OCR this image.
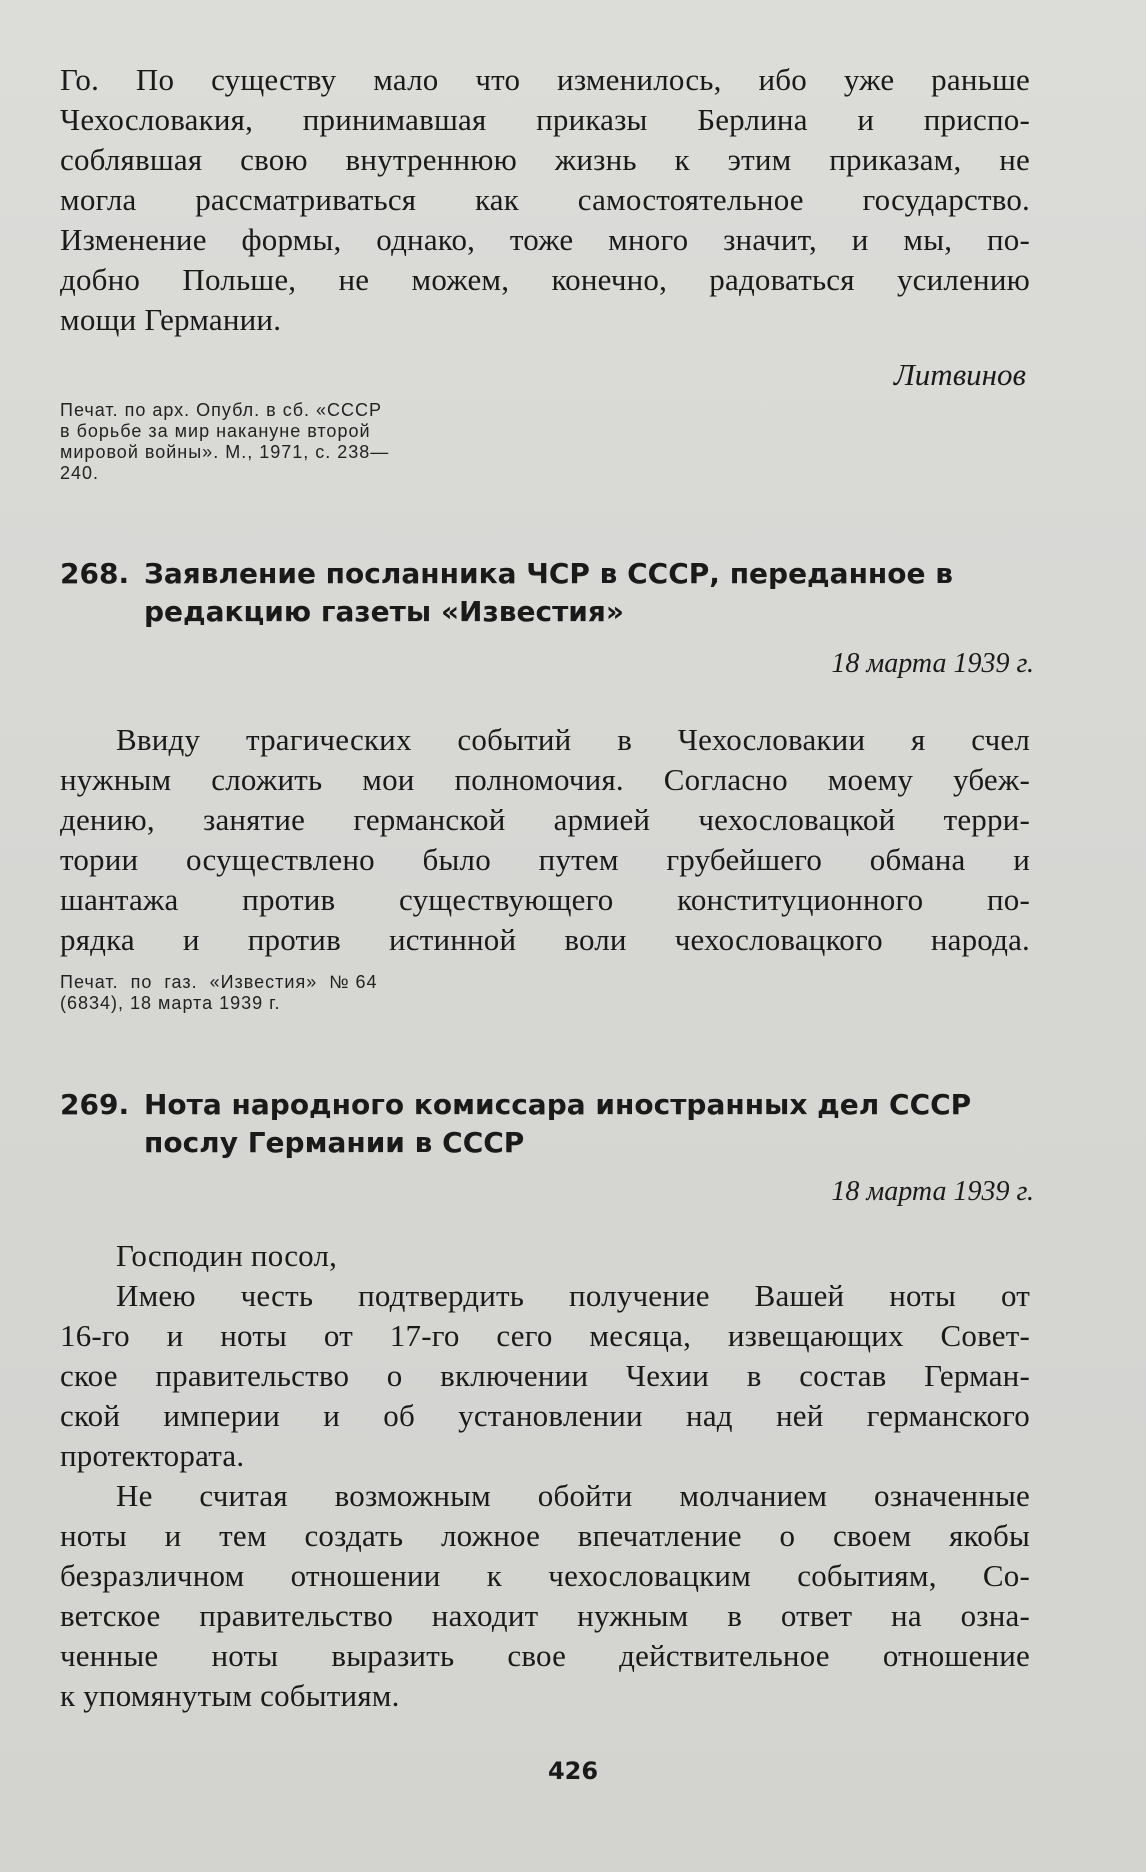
Го. По существу мало что изменилось, ибо уже раньше
Чехословакия, принимавшая приказы Берлина и приспо-
соблявшая свою внутреннюю жизнь к этим приказам, не
могла рассматриваться как самостоятельное государство.
Изменение формы, однако, тоже много значит, и мы, по-
добно Польше, не можем, конечно, радоваться усилению
мощи Германии.
Литвинов
Печат. по арх. Опубл. в сб. «СССР
в борьбе за мир накануне второй
мировой войны». М., 1971, с. 238—
240.
268. Заявление посланника ЧСР в СССР, переданное в
редакцию газеты «Известия»
18 марта 1939 г.
Ввиду трагических событий в Чехословакии я счел
нужным сложить мои полномочия. Согласно моему убеж-
дению, занятие германской армией чехословацкой терри-
тории осуществлено было путем грубейшего обмана и
шантажа против существующего конституционного по-
рядка и против истинной воли чехословацкого народа.
Печат.  по  газ.  «Известия»  № 64
(6834), 18 марта 1939 г.
269. Нота народного комиссара иностранных дел СССР
послу Германии в СССР
18 марта 1939 г.
Господин посол,
Имею честь подтвердить получение Вашей ноты от
16-го и ноты от 17-го сего месяца, извещающих Совет-
ское правительство о включении Чехии в состав Герман-
ской империи и об установлении над ней германского
протектората.
Не считая возможным обойти молчанием означенные
ноты и тем создать ложное впечатление о своем якобы
безразличном отношении к чехословацким событиям, Со-
ветское правительство находит нужным в ответ на озна-
ченные ноты выразить свое действительное отношение
к упомянутым событиям.
426
